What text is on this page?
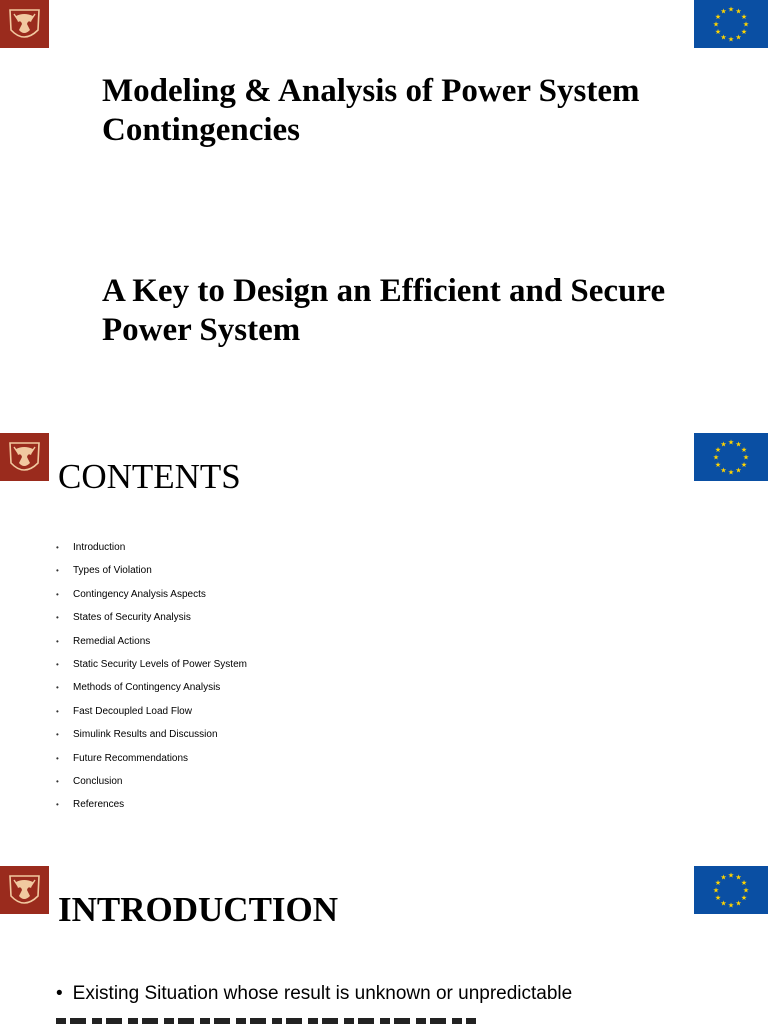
★ ★
★
★
★
★
★
★
★
★
★
★
Modeling & Analysis of Power System Contingencies
A Key to Design an Efficient and Secure Power System
★ ★
★
★
★
★
★
★
★
★
★
★
CONTENTS
• Introduction
• Types of Violation
• Contingency Analysis Aspects
• States of Security Analysis
• Remedial Actions
• Static Security Levels of Power System
• Methods of Contingency Analysis
• Fast Decoupled Load Flow
• Simulink Results and Discussion
• Future Recommendations
• Conclusion
• References
★ ★
★
★
★
★
★
★
★
★
★
★
INTRODUCTION
• Existing Situation whose result is unknown or unpredictable
